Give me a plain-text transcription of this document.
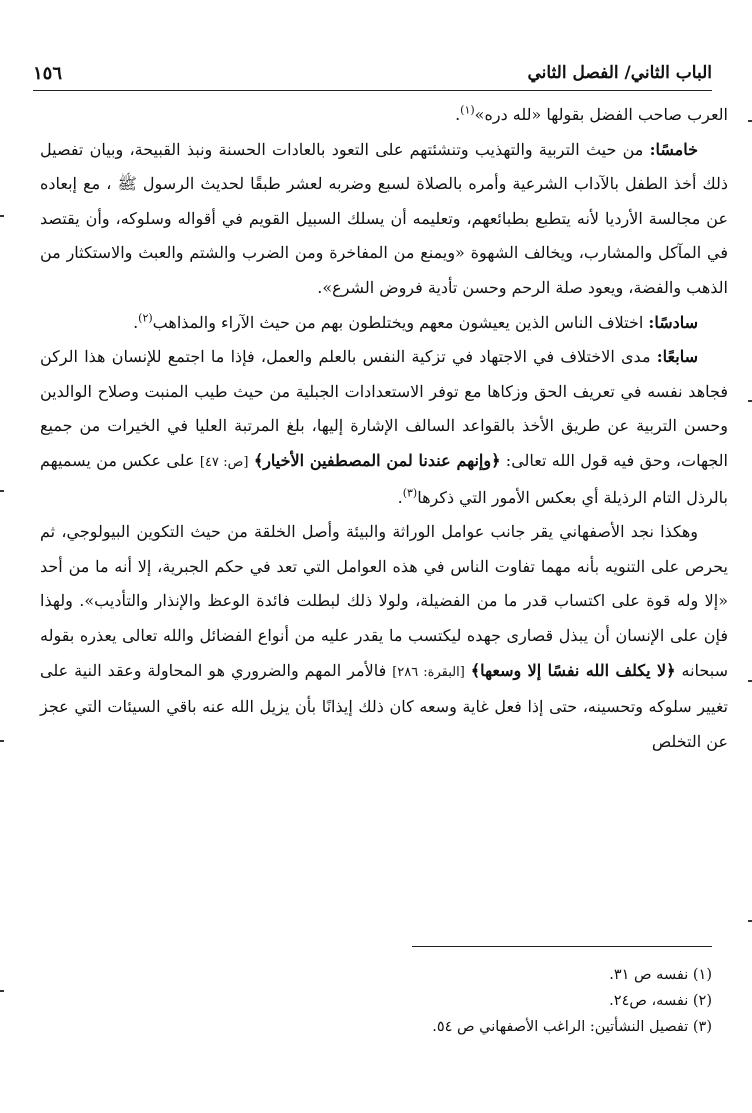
الباب الثاني/ الفصل الثاني
١٥٦

العرب صاحب الفضل بقولها «لله دره»$^{(١)}$.

خامسًا: من حيث التربية والتهذيب وتنشئتهم على التعود بالعادات الحسنة ونبذ القبيحة، وبيان تفصيل ذلك أخذ الطفل بالآداب الشرعية وأمره بالصلاة لسبع وضربه لعشر طبقًا لحديث الرسول ﷺ ، مع إبعاده عن مجالسة الأرديا لأنه يتطبع بطبائعهم، وتعليمه أن يسلك السبيل القويم في أقواله وسلوكه، وأن يقتصد في المآكل والمشارب، ويخالف الشهوة «ويمنع من المفاخرة ومن الضرب والشتم والعبث والاستكثار من الذهب والفضة، ويعود صلة الرحم وحسن تأدية فروض الشرع».

سادسًا: اختلاف الناس الذين يعيشون معهم ويختلطون بهم من حيث الآراء والمذاهب$^{(٢)}$.

سابعًا: مدى الاختلاف في الاجتهاد في تزكية النفس بالعلم والعمل، فإذا ما اجتمع للإنسان هذا الركن فجاهد نفسه في تعريف الحق وزكاها مع توفر الاستعدادات الجبلية من حيث طيب المنبت وصلاح الوالدين وحسن التربية عن طريق الأخذ بالقواعد السالف الإشارة إليها، بلغ المرتبة العليا في الخيرات من جميع الجهات، وحق فيه قول الله تعالى: ﴿وإنهم عندنا لمن المصطفين الأخيار﴾ [ص: ٤٧] على عكس من يسميهم بالرذل التام الرذيلة أي بعكس الأمور التي ذكرها$^{(٣)}$.

وهكذا نجد الأصفهاني يقر جانب عوامل الوراثة والبيئة وأصل الخلقة من حيث التكوين البيولوجي، ثم يحرص على التنويه بأنه مهما تفاوت الناس في هذه العوامل التي تعد في حكم الجبرية، إلا أنه ما من أحد «إلا وله قوة على اكتساب قدر ما من الفضيلة، ولولا ذلك لبطلت فائدة الوعظ والإنذار والتأديب». ولهذا فإن على الإنسان أن يبذل قصارى جهده ليكتسب ما يقدر عليه من أنواع الفضائل والله تعالى يعذره بقوله سبحانه ﴿لا يكلف الله نفسًا إلا وسعها﴾ [البقرة: ٢٨٦] فالأمر المهم والضروري هو المحاولة وعقد النية على تغيير سلوكه وتحسينه، حتى إذا فعل غاية وسعه كان ذلك إيذانًا بأن يزيل الله عنه باقي السيئات التي عجز عن التخلص

(١) نفسه ص ٣١.
(٢) نفسه، ص٢٤.
(٣) تفصيل النشأتين: الراغب الأصفهاني ص ٥٤.
